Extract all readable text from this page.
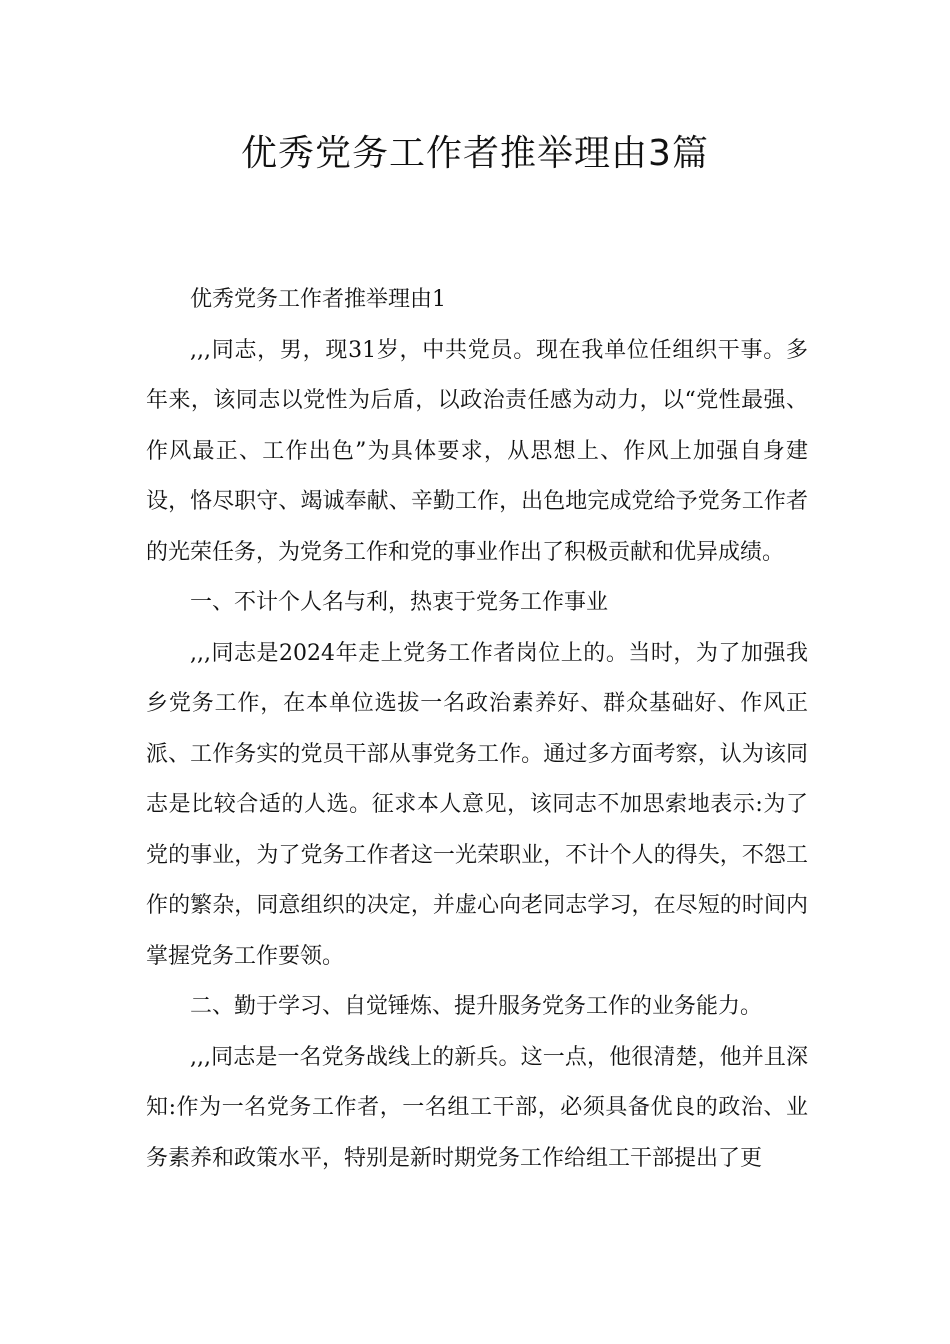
优秀党务工作者推举理由3篇

优秀党务工作者推举理由1

,,,同志，男，现31岁，中共党员。现在我单位任组织干事。多年来，该同志以党性为后盾，以政治责任感为动力，以“党性最强、作风最正、工作出色”为具体要求，从思想上、作风上加强自身建设，恪尽职守、竭诚奉献、辛勤工作，出色地完成党给予党务工作者的光荣任务，为党务工作和党的事业作出了积极贡献和优异成绩。

一、不计个人名与利，热衷于党务工作事业

,,,同志是2024年走上党务工作者岗位上的。当时，为了加强我乡党务工作，在本单位选拔一名政治素养好、群众基础好、作风正派、工作务实的党员干部从事党务工作。通过多方面考察，认为该同志是比较合适的人选。征求本人意见，该同志不加思索地表示:为了党的事业，为了党务工作者这一光荣职业，不计个人的得失，不怨工作的繁杂，同意组织的决定，并虚心向老同志学习，在尽短的时间内掌握党务工作要领。

二、勤于学习、自觉锤炼、提升服务党务工作的业务能力。

,,,同志是一名党务战线上的新兵。这一点，他很清楚，他并且深知:作为一名党务工作者，一名组工干部，必须具备优良的政治、业务素养和政策水平，特别是新时期党务工作给组工干部提出了更
